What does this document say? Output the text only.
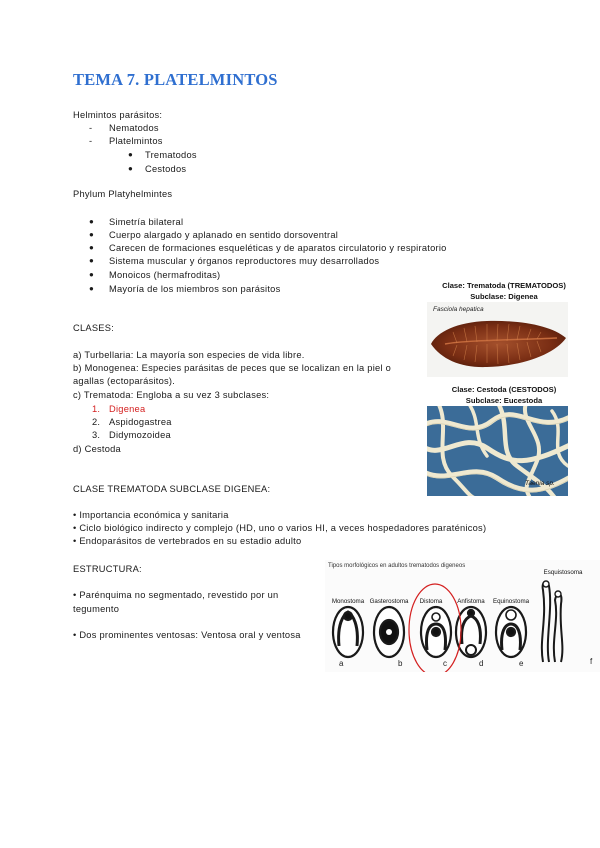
TEMA 7. PLATELMINTOS
Helmintos parásitos:
- Nematodos
- Platelmintos
● Trematodos
● Cestodos
Phylum Platyhelmintes
● Simetría bilateral
● Cuerpo alargado y aplanado en sentido dorsoventral
● Carecen de formaciones esqueléticas y de aparatos circulatorio y respiratorio
● Sistema muscular y órganos reproductores muy desarrollados
● Monoicos (hermafroditas)
● Mayoría de los miembros son parásitos
CLASES:
a) Turbellaria: La mayoría son especies de vida libre.
b) Monogenea: Especies parásitas de peces que se localizan en la piel o
agallas (ectoparásitos).
c) Trematoda: Engloba a su vez 3 subclases:
1. Digenea
2. Aspidogastrea
3. Didymozoidea
d) Cestoda
CLASE TREMATODA SUBCLASE DIGENEA:
• Importancia económica y sanitaria
• Ciclo biológico indirecto y complejo (HD, uno o varios HI, a veces hospedadores paraténicos)
• Endoparásitos de vertebrados en su estadio adulto
ESTRUCTURA:
• Parénquima no segmentado, revestido por un
tegumento
• Dos prominentes ventosas: Ventosa oral y ventosa
Clase: Trematoda (TREMATODOS)
Subclase: Digenea
Fasciola hepatica
Clase: Cestoda (CESTODOS)
Subclase: Eucestoda
Taenia sp.
Tipos morfológicos en adultos trematodos digeneos
Monostoma Gasterostoma Distoma Anfistoma Equinostoma
Esquistosoma
a	b	c	d	e	f
